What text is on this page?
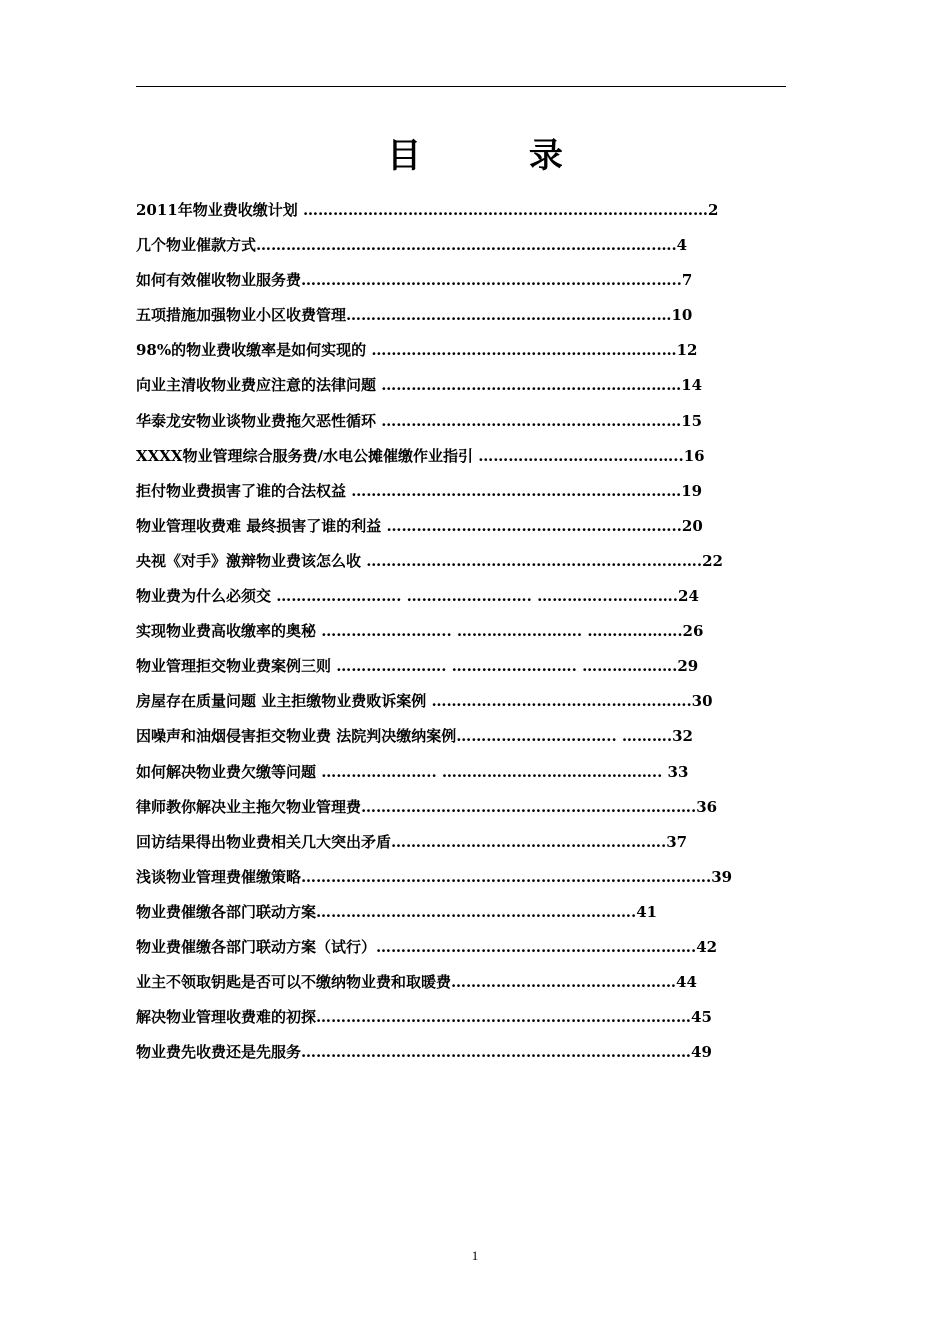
目 录
2011年物业费收缴计划 ………………………………………………………………………2
几个物业催款方式……………………………………………………………………..….4
如何有效催收物业服务费……………………………………………………………..…..7
五项措施加强物业小区收费管理……………………………………………………..…10
98%的物业费收缴率是如何实现的 ………………………………………………….…12
向业主清收物业费应注意的法律问题 ……………………………………………………14
华泰龙安物业谈物业费拖欠恶性循环 ……………………………………………………15
XXXX物业管理综合服务费/水电公摊催缴作业指引 …………………………………..16
拒付物业费损害了谁的合法权益 …………………………………………………………19
物业管理收费难 最终损害了谁的利益 …………………………………………………..20
央视《对手》激辩物业费该怎么收 ………………………………………………...……….22
物业费为什么必须交 ……………………. ……………………. …………...………….24
实现物业费高收缴率的奥秘 …………………….. ……………………. ……………….26
物业管理拒交物业费案例三则 …………………. ……………………. ……………….29
房屋存在质量问题 业主拒缴物业费败诉案例 …………………………………………….30
因噪声和油烟侵害拒交物业费 法院判决缴纳案例………………………….. ……….32
如何解决物业费欠缴等问题 ………………….. …………………………………….. 33
律师教你解决业主拖欠物业管理费………………………………………………………….36
回访结果得出物业费相关几大突出矛盾……………………………………………….37
浅谈物业管理费催缴策略……………………………………………………………………….39
物业费催缴各部门联动方案……………………………………………………….41
物业费催缴各部门联动方案（试行）……………………………………………………….42
业主不领取钥匙是否可以不缴纳物业费和取暖费………………………………………44
解决物业管理收费难的初探…………………………………………………………………45
物业费先收费还是先服务……………………………………………………………………49
1
